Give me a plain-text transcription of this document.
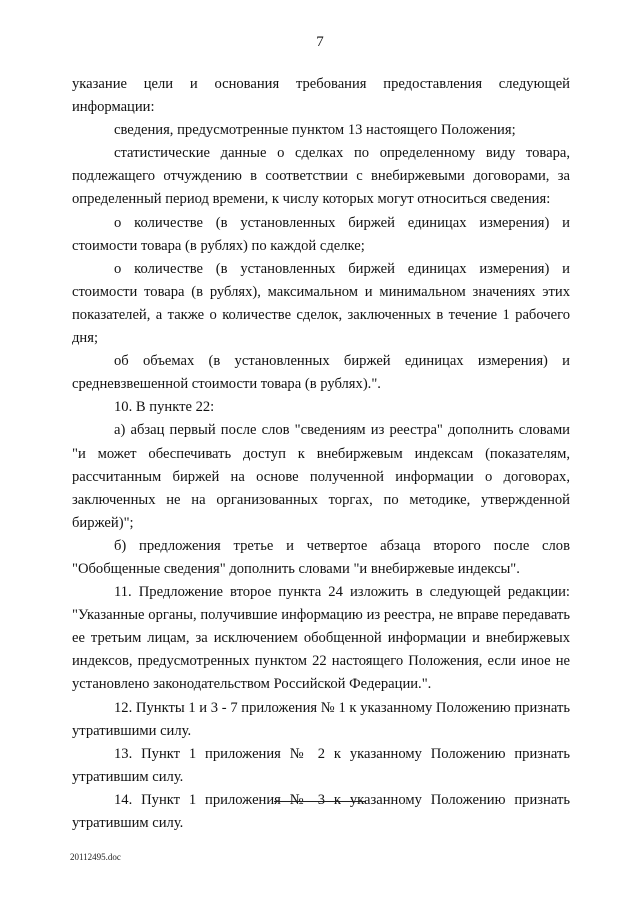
7

указание цели и основания требования предоставления следующей информации:

сведения, предусмотренные пунктом 13 настоящего Положения;

статистические данные о сделках по определенному виду товара, подлежащего отчуждению в соответствии с внебиржевыми договорами, за определенный период времени, к числу которых могут относиться сведения:

о количестве (в установленных биржей единицах измерения) и стоимости товара (в рублях) по каждой сделке;

о количестве (в установленных биржей единицах измерения) и стоимости товара (в рублях), максимальном и минимальном значениях этих показателей, а также о количестве сделок, заключенных в течение 1 рабочего дня;

об объемах (в установленных биржей единицах измерения) и средневзвешенной стоимости товара (в рублях).".

10. В пункте 22:

а) абзац первый после слов "сведениям из реестра" дополнить словами "и может обеспечивать доступ к внебиржевым индексам (показателям, рассчитанным биржей на основе полученной информации о договорах, заключенных не на организованных торгах, по методике, утвержденной биржей)";

б) предложения третье и четвертое абзаца второго после слов "Обобщенные сведения" дополнить словами "и внебиржевые индексы".

11. Предложение второе пункта 24 изложить в следующей редакции: "Указанные органы, получившие информацию из реестра, не вправе передавать ее третьим лицам, за исключением обобщенной информации и внебиржевых индексов, предусмотренных пунктом 22 настоящего Положения, если иное не установлено законодательством Российской Федерации.".

12. Пункты 1 и 3 - 7 приложения № 1 к указанному Положению признать утратившими силу.

13. Пункт 1 приложения № 2 к указанному Положению признать утратившим силу.

14. Пункт 1 приложения № 3 к указанному Положению признать утратившим силу.

20112495.doc
